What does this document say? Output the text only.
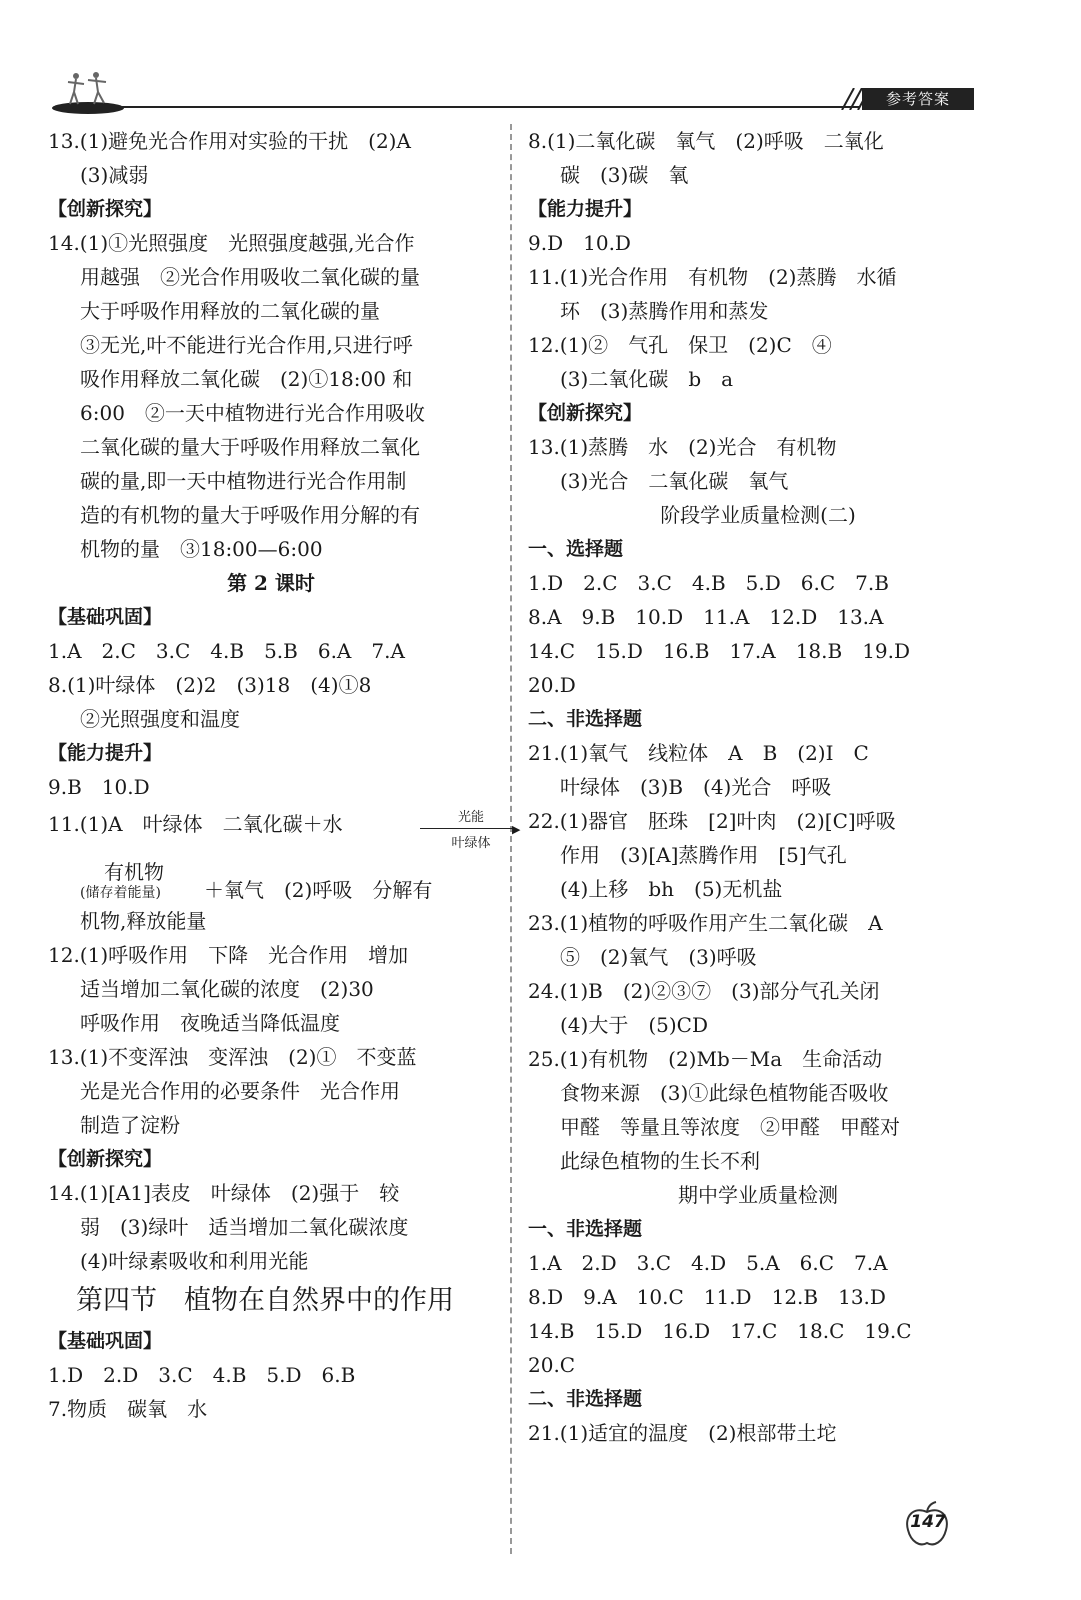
参考答案
13.(1)避免光合作用对实验的干扰　(2)A
(3)减弱
【创新探究】
14.(1)①光照强度　光照强度越强,光合作
用越强　②光合作用吸收二氧化碳的量
大于呼吸作用释放的二氧化碳的量
③无光,叶不能进行光合作用,只进行呼
吸作用释放二氧化碳　(2)①18:00 和
6:00　②一天中植物进行光合作用吸收
二氧化碳的量大于呼吸作用释放二氧化
碳的量,即一天中植物进行光合作用制
造的有机物的量大于呼吸作用分解的有
机物的量　③18:00—6:00
第 2 课时
【基础巩固】
1.A　2.C　3.C　4.B　5.B　6.A　7.A
8.(1)叶绿体　(2)2　(3)18　(4)①8
②光照强度和温度
【能力提升】
9.B　10.D
11.(1)A　叶绿体　二氧化碳＋水	光能
▶
叶绿体
有机物
(储存着能量) ＋氧气　(2)呼吸　分解有
机物,释放能量
12.(1)呼吸作用　下降　光合作用　增加
适当增加二氧化碳的浓度　(2)30
呼吸作用　夜晚适当降低温度
13.(1)不变浑浊　变浑浊　(2)①　不变蓝
光是光合作用的必要条件　光合作用
制造了淀粉
【创新探究】
14.(1)[A1]表皮　叶绿体　(2)强于　较
弱　(3)绿叶　适当增加二氧化碳浓度
(4)叶绿素吸收和利用光能
第四节　植物在自然界中的作用
【基础巩固】
1.D　2.D　3.C　4.B　5.D　6.B
7.物质　碳氧　水
8.(1)二氧化碳　氧气　(2)呼吸　二氧化
碳　(3)碳　氧
【能力提升】
9.D　10.D
11.(1)光合作用　有机物　(2)蒸腾　水循
环　(3)蒸腾作用和蒸发
12.(1)②　气孔　保卫　(2)C　④
(3)二氧化碳　b　a
【创新探究】
13.(1)蒸腾　水　(2)光合　有机物
(3)光合　二氧化碳　氧气
阶段学业质量检测(二)
一、选择题
1.D　2.C　3.C　4.B　5.D　6.C　7.B
8.A　9.B　10.D　11.A　12.D　13.A
14.C　15.D　16.B　17.A　18.B　19.D
20.D
二、非选择题
21.(1)氧气　线粒体　A　B　(2)Ⅰ　C
叶绿体　(3)B　(4)光合　呼吸
22.(1)器官　胚珠　[2]叶肉　(2)[C]呼吸
作用　(3)[A]蒸腾作用　[5]气孔
(4)上移　bh　(5)无机盐
23.(1)植物的呼吸作用产生二氧化碳　A
⑤　(2)氧气　(3)呼吸
24.(1)B　(2)②③⑦　(3)部分气孔关闭
(4)大于　(5)CD
25.(1)有机物　(2)Mb－Ma　生命活动
食物来源　(3)①此绿色植物能否吸收
甲醛　等量且等浓度　②甲醛　甲醛对
此绿色植物的生长不利
期中学业质量检测
一、非选择题
1.A　2.D　3.C　4.D　5.A　6.C　7.A
8.D　9.A　10.C　11.D　12.B　13.D
14.B　15.D　16.D　17.C　18.C　19.C
20.C
二、非选择题
21.(1)适宜的温度　(2)根部带土坨
147
